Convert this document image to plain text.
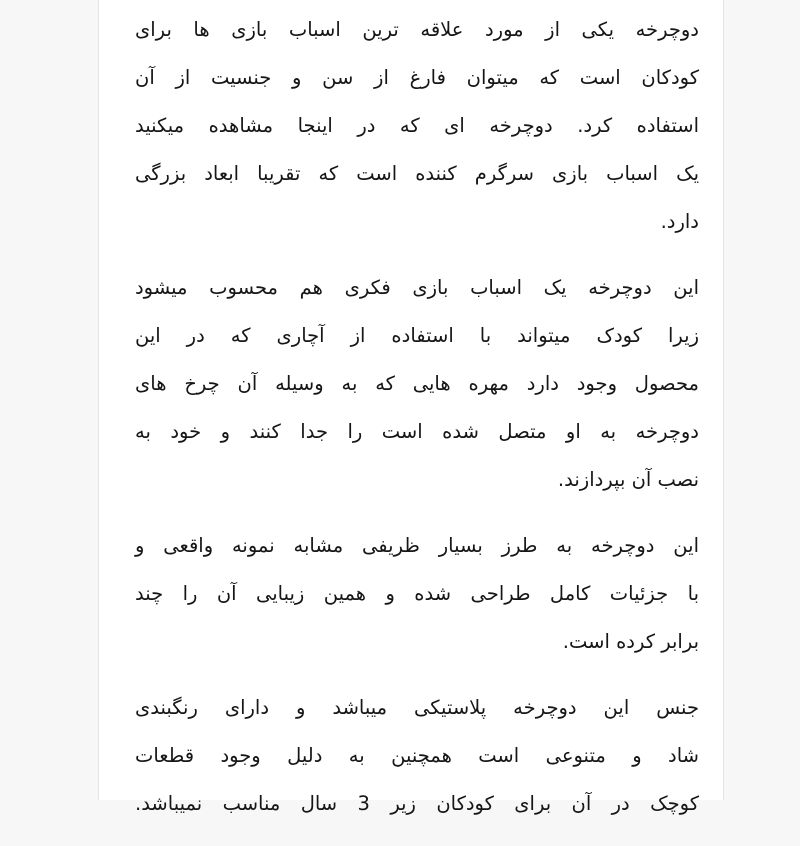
دوچرخه یکی از مورد علاقه ترین اسباب بازی ها برای
کودکان است که میتوان فارغ از سن و جنسیت از آن
استفاده کرد. دوچرخه ای که در اینجا مشاهده میکنید
یک اسباب بازی سرگرم کننده است که تقریبا ابعاد بزرگی
دارد.

این دوچرخه یک اسباب بازی فکری هم محسوب میشود
زیرا کودک میتواند با استفاده از آچاری که در این
محصول وجود دارد مهره هایی که به وسیله آن چرخ های
دوچرخه به او متصل شده است را جدا کنند و خود به
نصب آن بپردازند.

این دوچرخه به طرز بسیار ظریفی مشابه نمونه واقعی و
با جزئیات کامل طراحی شده و همین زیبایی آن را چند
برابر کرده است.

جنس این دوچرخه پلاستیکی میباشد و دارای رنگبندی
شاد و متنوعی است همچنین به دلیل وجود قطعات
کوچک در آن برای کودکان زیر 3 سال مناسب نمیباشد.
